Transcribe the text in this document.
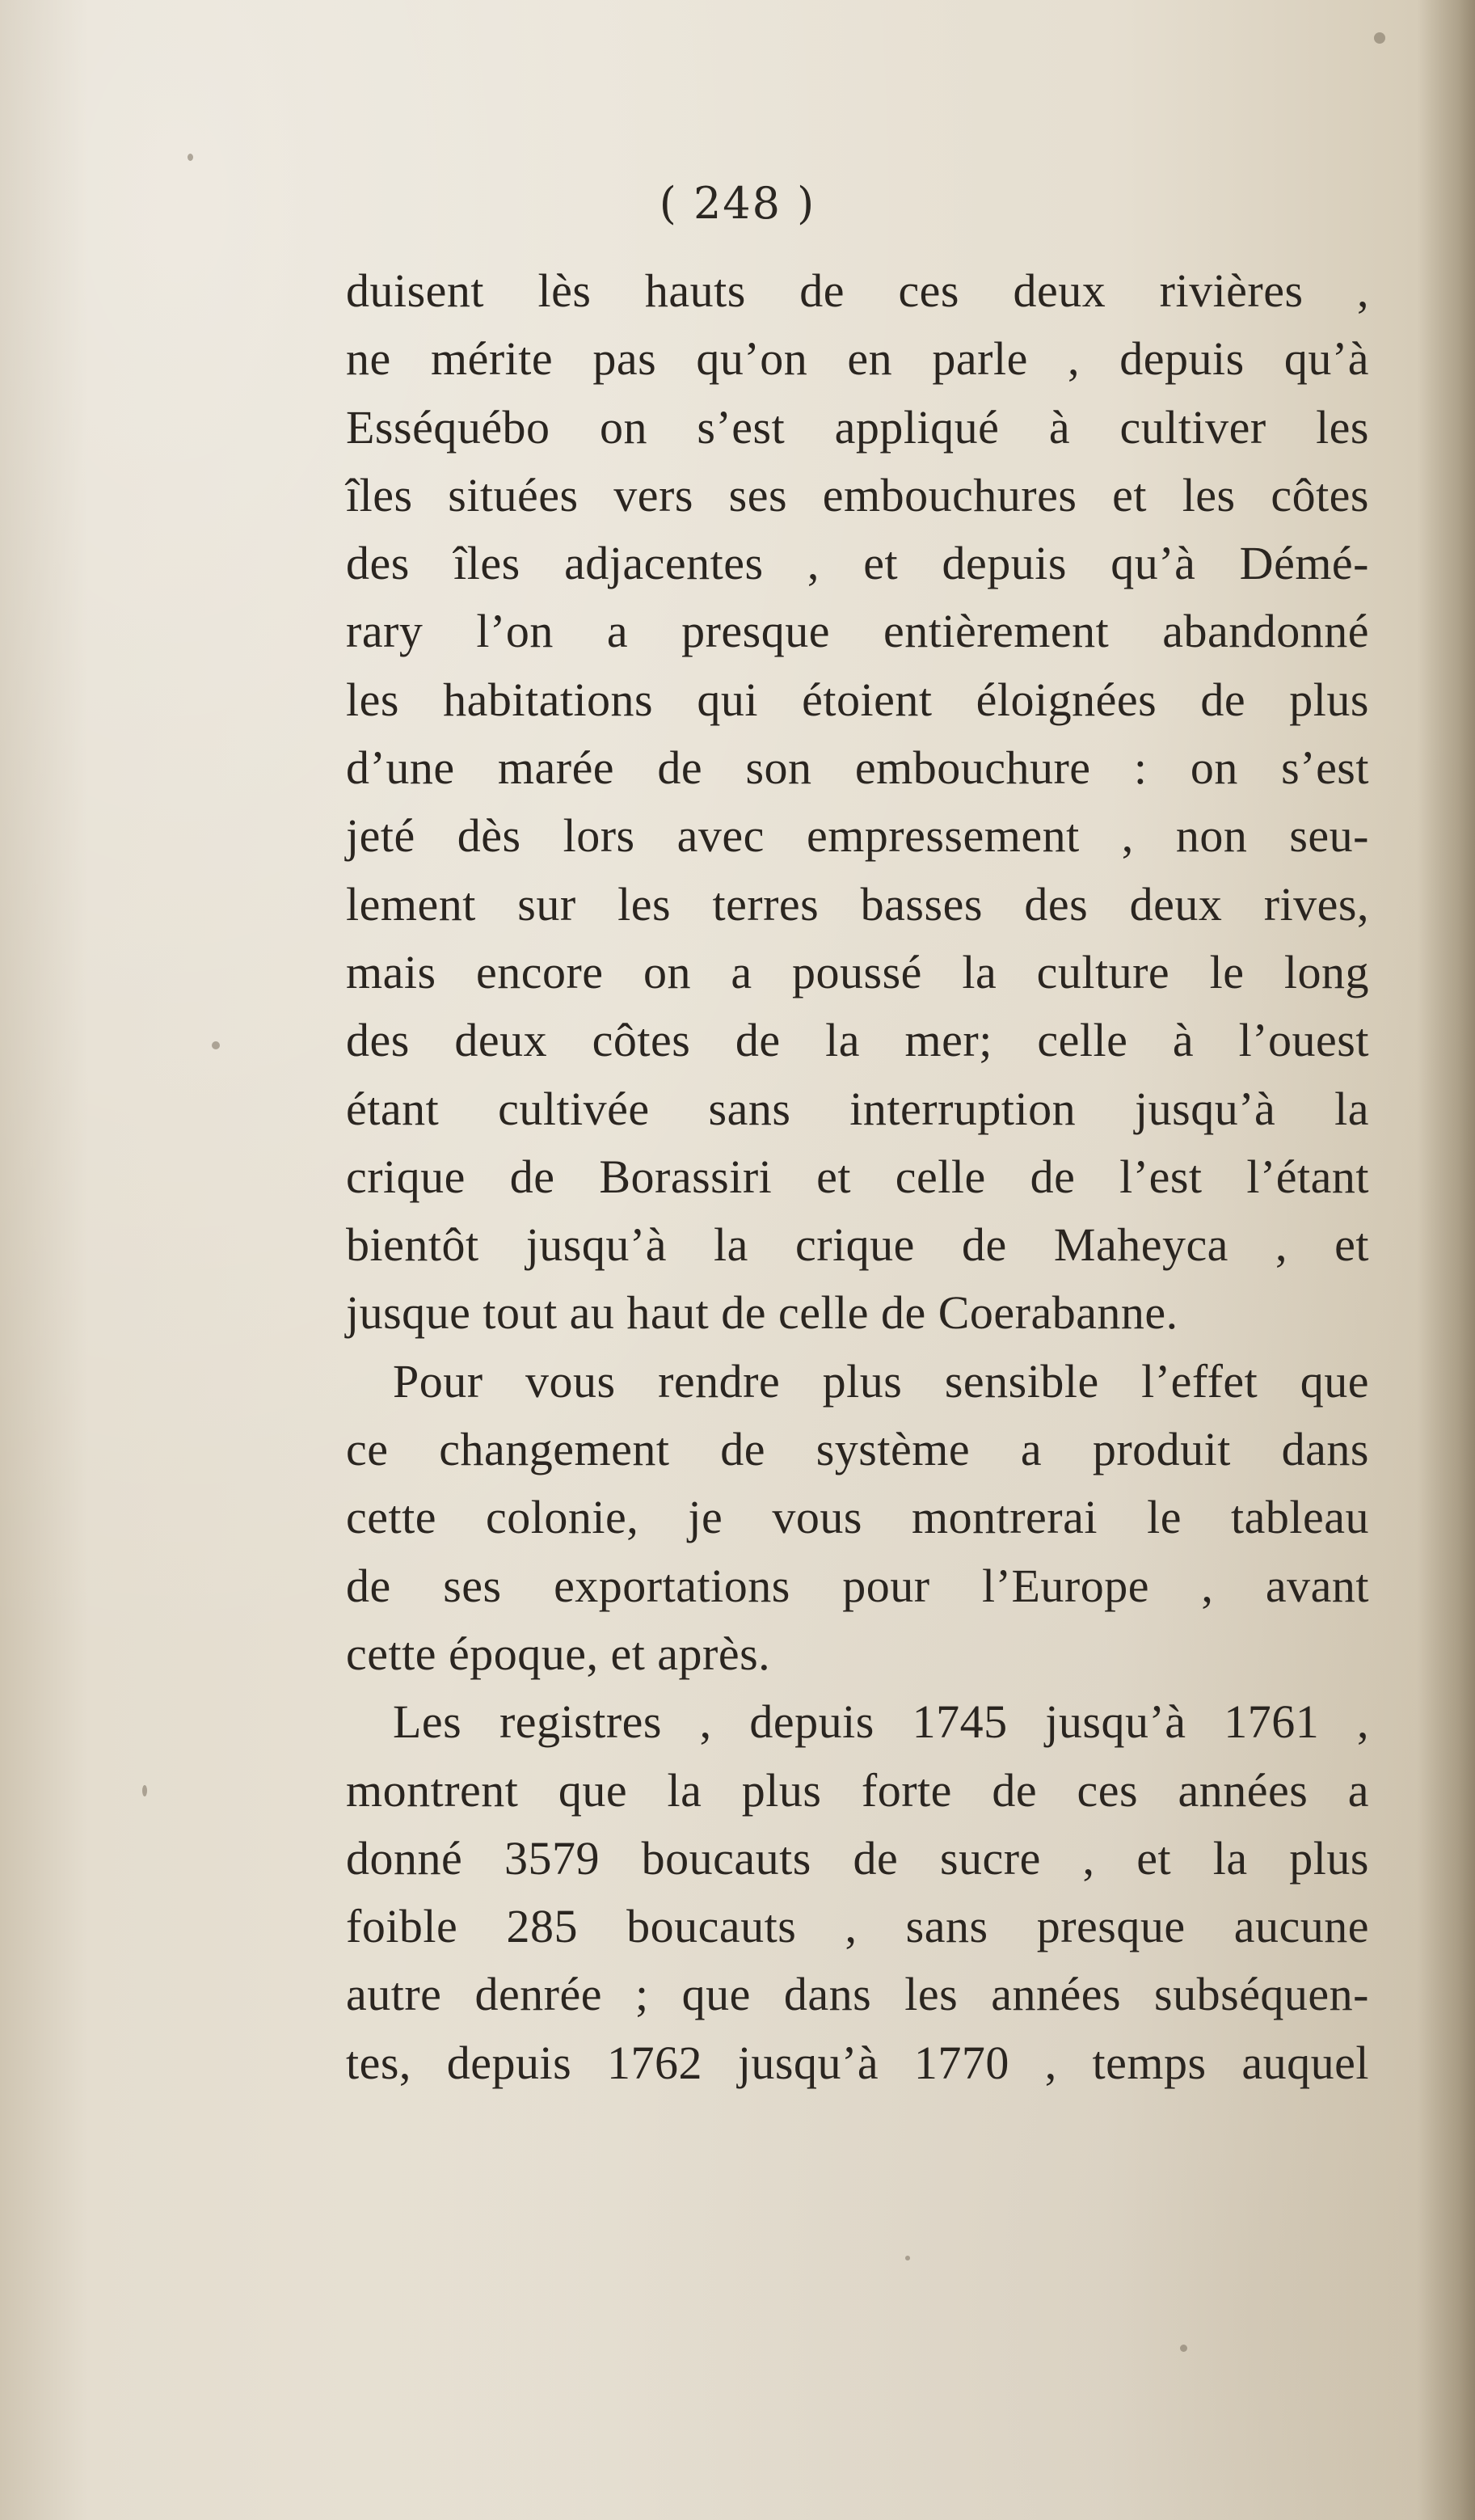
( 248 )
duisent lès hauts de ces deux rivières ,
ne mérite pas qu’on en parle , depuis qu’à
Esséquébo on s’est appliqué à cultiver les
îles situées vers ses embouchures et les côtes
des îles adjacentes , et depuis qu’à Démé-
rary l’on a presque entièrement abandonné
les habitations qui étoient éloignées de plus
d’une marée de son embouchure : on s’est
jeté dès lors avec empressement , non seu-
lement sur les terres basses des deux rives,
mais encore on a poussé la culture le long
des deux côtes de la mer; celle à l’ouest
étant cultivée sans interruption jusqu’à la
crique de Borassiri et celle de l’est l’étant
bientôt jusqu’à la crique de Maheyca , et
jusque tout au haut de celle de Coerabanne.
Pour vous rendre plus sensible l’effet que
ce changement de système a produit dans
cette colonie, je vous montrerai le tableau
de ses exportations pour l’Europe , avant
cette époque, et après.
Les registres , depuis 1745 jusqu’à 1761 ,
montrent que la plus forte de ces années a
donné 3579 boucauts de sucre , et la plus
foible 285 boucauts , sans presque aucune
autre denrée ; que dans les années subséquen-
tes, depuis 1762 jusqu’à 1770 , temps auquel
